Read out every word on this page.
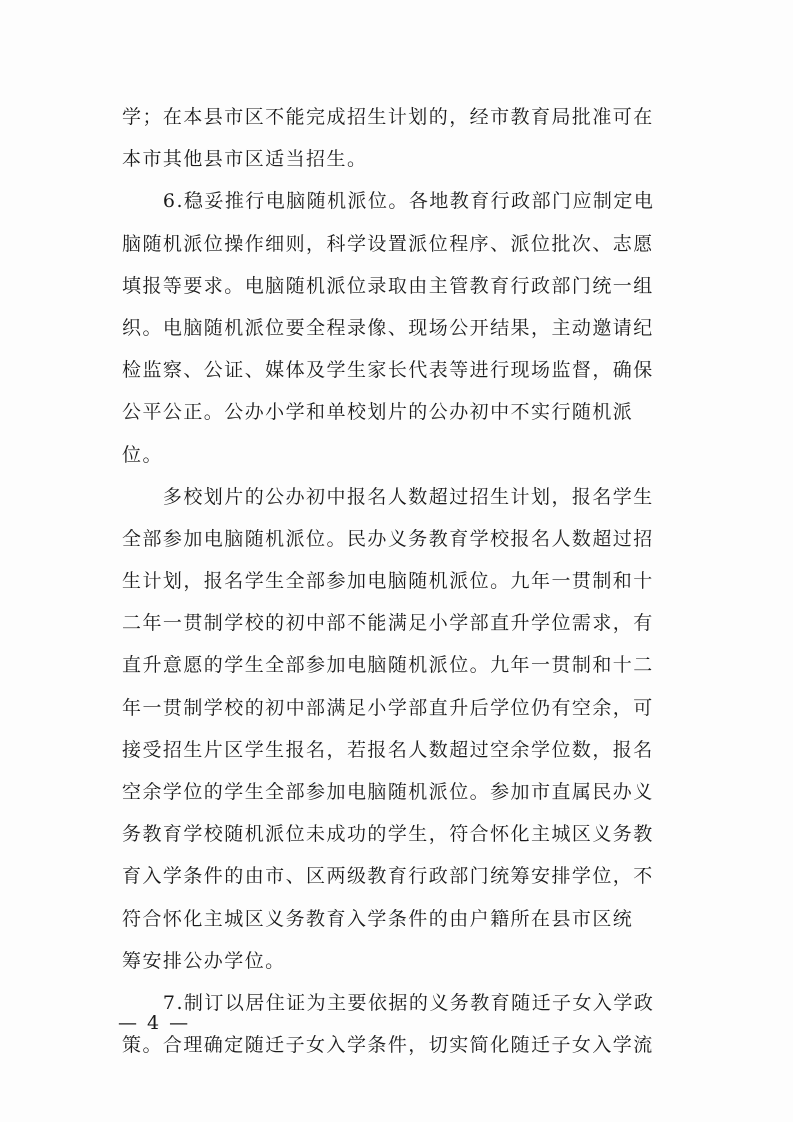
学；在本县市区不能完成招生计划的，经市教育局批准可在
本市其他县市区适当招生。
　　6.稳妥推行电脑随机派位。各地教育行政部门应制定电
脑随机派位操作细则，科学设置派位程序、派位批次、志愿
填报等要求。电脑随机派位录取由主管教育行政部门统一组
织。电脑随机派位要全程录像、现场公开结果，主动邀请纪
检监察、公证、媒体及学生家长代表等进行现场监督，确保
公平公正。公办小学和单校划片的公办初中不实行随机派
位。
　　多校划片的公办初中报名人数超过招生计划，报名学生
全部参加电脑随机派位。民办义务教育学校报名人数超过招
生计划，报名学生全部参加电脑随机派位。九年一贯制和十
二年一贯制学校的初中部不能满足小学部直升学位需求，有
直升意愿的学生全部参加电脑随机派位。九年一贯制和十二
年一贯制学校的初中部满足小学部直升后学位仍有空余，可
接受招生片区学生报名，若报名人数超过空余学位数，报名
空余学位的学生全部参加电脑随机派位。参加市直属民办义
务教育学校随机派位未成功的学生，符合怀化主城区义务教
育入学条件的由市、区两级教育行政部门统筹安排学位，不
符合怀化主城区义务教育入学条件的由户籍所在县市区统
筹安排公办学位。
　　7.制订以居住证为主要依据的义务教育随迁子女入学政
策。合理确定随迁子女入学条件，切实简化随迁子女入学流
— 4 —
